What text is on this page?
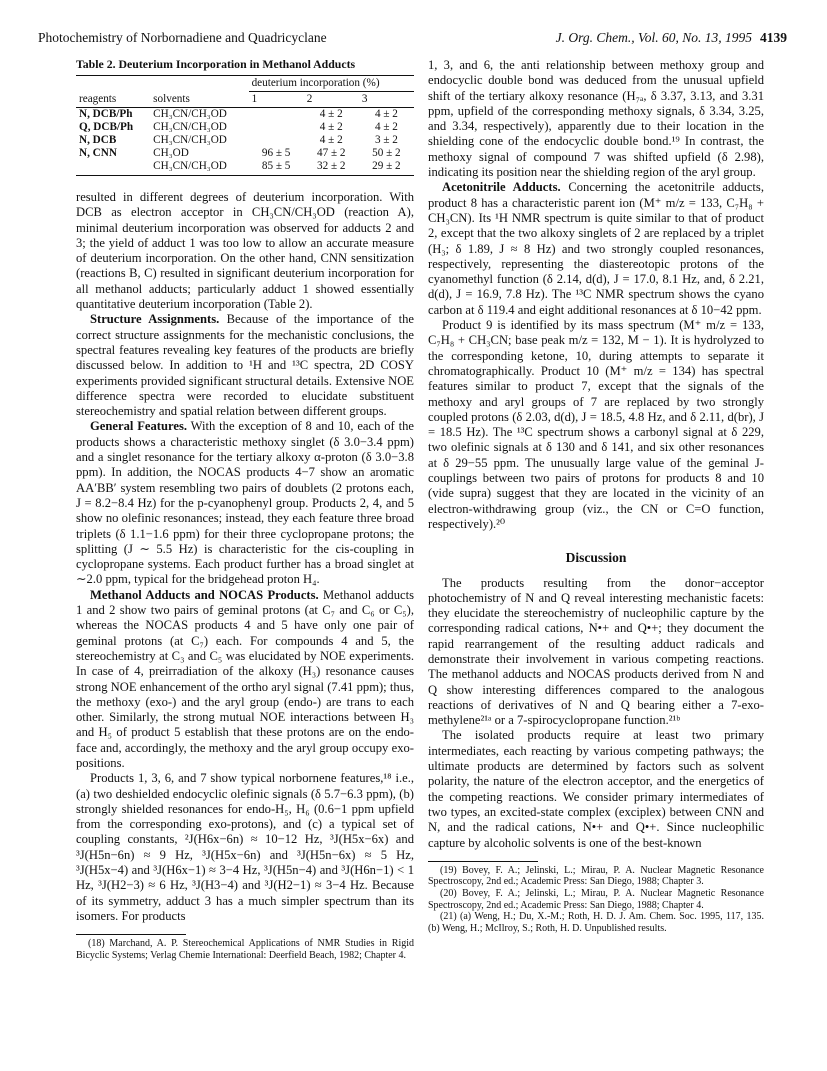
Photochemistry of Norbornadiene and Quadricyclane	J. Org. Chem., Vol. 60, No. 13, 1995 4139
Table 2. Deuterium Incorporation in Methanol Adducts
		deuterium incorporation (%)		
reagents	solvents	1	2	3
N, DCB/Ph	CH₃CN/CH₃OD		4 ± 2	4 ± 2
Q, DCB/Ph	CH₃CN/CH₃OD		4 ± 2	4 ± 2
N, DCB	CH₃CN/CH₃OD		4 ± 2	3 ± 2
N, CNN	CH₃OD	96 ± 5	47 ± 2	50 ± 2
	CH₃CN/CH₃OD	85 ± 5	32 ± 2	29 ± 2

resulted in different degrees of deuterium incorporation. With DCB as electron acceptor in CH₃CN/CH₃OD (reaction A), minimal deuterium incorporation was observed for adducts 2 and 3; the yield of adduct 1 was too low to allow an accurate measure of deuterium incorporation. On the other hand, CNN sensitization (reactions B, C) resulted in significant deuterium incorporation for all methanol adducts; particularly adduct 1 showed essentially quantitative deuterium incorporation (Table 2).

Structure Assignments. Because of the importance of the correct structure assignments for the mechanistic conclusions, the spectral features revealing key features of the products are briefly discussed below. In addition to ¹H and ¹³C spectra, 2D COSY experiments provided significant structural details. Extensive NOE difference spectra were recorded to elucidate substituent stereochemistry and spatial relation between different groups.

General Features. With the exception of 8 and 10, each of the products shows a characteristic methoxy singlet (δ 3.0−3.4 ppm) and a singlet resonance for the tertiary alkoxy α-proton (δ 3.0−3.8 ppm). In addition, the NOCAS products 4−7 show an aromatic AA′BB′ system resembling two pairs of doublets (2 protons each, J = 8.2−8.4 Hz) for the p-cyanophenyl group. Products 2, 4, and 5 show no olefinic resonances; instead, they each feature three broad triplets (δ 1.1−1.6 ppm) for their three cyclopropane protons; the splitting (J ∼ 5.5 Hz) is characteristic for the cis-coupling in cyclopropane systems. Each product further has a broad singlet at ∼2.0 ppm, typical for the bridgehead proton H₄.

Methanol Adducts and NOCAS Products. Methanol adducts 1 and 2 show two pairs of geminal protons (at C₇ and C₆ or C₅), whereas the NOCAS products 4 and 5 have only one pair of geminal protons (at C₇) each. For compounds 4 and 5, the stereochemistry at C₃ and C₅ was elucidated by NOE experiments. In case of 4, preirradiation of the alkoxy (H₃) resonance causes strong NOE enhancement of the ortho aryl signal (7.41 ppm); thus, the methoxy (exo-) and the aryl group (endo-) are trans to each other. Similarly, the strong mutual NOE interactions between H₃ and H₅ of product 5 establish that these protons are on the endo-face and, accordingly, the methoxy and the aryl group occupy exo-positions.

Products 1, 3, 6, and 7 show typical norbornene features,¹⁸ i.e., (a) two deshielded endocyclic olefinic signals (δ 5.7−6.3 ppm), (b) strongly shielded resonances for endo-H₅, H₆ (0.6−1 ppm upfield from the corresponding exo-protons), and (c) a typical set of coupling constants, ²J(H6x−6n) ≈ 10−12 Hz, ³J(H5x−6x) and ³J(H5n−6n) ≈ 9 Hz, ³J(H5x−6n) and ³J(H5n−6x) ≈ 5 Hz, ³J(H5x−4) and ³J(H6x−1) ≈ 3−4 Hz, ³J(H5n−4) and ³J(H6n−1) < 1 Hz, ³J(H2−3) ≈ 6 Hz, ³J(H3−4) and ³J(H2−1) ≈ 3−4 Hz. Because of its symmetry, adduct 3 has a much simpler spectrum than its isomers. For products

(18) Marchand, A. P. Stereochemical Applications of NMR Studies in Rigid Bicyclic Systems; Verlag Chemie International: Deerfield Beach, 1982; Chapter 4.

1, 3, and 6, the anti relationship between methoxy group and endocyclic double bond was deduced from the unusual upfield shift of the tertiary alkoxy resonance (H₇ₐ, δ 3.37, 3.13, and 3.31 ppm, upfield of the corresponding methoxy signals, δ 3.34, 3.25, and 3.34, respectively), apparently due to their location in the shielding cone of the endocyclic double bond.¹⁹ In contrast, the methoxy signal of compound 7 was shifted upfield (δ 2.98), indicating its position near the shielding region of the aryl group.

Acetonitrile Adducts. Concerning the acetonitrile adducts, product 8 has a characteristic parent ion (M⁺ m/z = 133, C₇H₈ + CH₃CN). Its ¹H NMR spectrum is quite similar to that of product 2, except that the two alkoxy singlets of 2 are replaced by a triplet (H₃; δ 1.89, J ≈ 8 Hz) and two strongly coupled resonances, respectively, representing the diastereotopic protons of the cyanomethyl function (δ 2.14, d(d), J = 17.0, 8.1 Hz, and, δ 2.21, d(d), J = 16.9, 7.8 Hz). The ¹³C NMR spectrum shows the cyano carbon at δ 119.4 and eight additional resonances at δ 10−42 ppm.

Product 9 is identified by its mass spectrum (M⁺ m/z = 133, C₇H₈ + CH₃CN; base peak m/z = 132, M − 1). It is hydrolyzed to the corresponding ketone, 10, during attempts to separate it chromatographically. Product 10 (M⁺ m/z = 134) has spectral features similar to product 7, except that the signals of the methoxy and aryl groups of 7 are replaced by two strongly coupled protons (δ 2.03, d(d), J = 18.5, 4.8 Hz, and δ 2.11, d(br), J = 18.5 Hz). The ¹³C spectrum shows a carbonyl signal at δ 229, two olefinic signals at δ 130 and δ 141, and six other resonances at δ 29−55 ppm. The unusually large value of the geminal J-couplings between two pairs of protons for products 8 and 10 (vide supra) suggest that they are located in the vicinity of an electron-withdrawing group (viz., the CN or C=O function, respectively).²⁰

Discussion

The products resulting from the donor−acceptor photochemistry of N and Q reveal interesting mechanistic facets: they elucidate the stereochemistry of nucleophilic capture by the corresponding radical cations, N•+ and Q•+; they document the rapid rearrangement of the resulting adduct radicals and demonstrate their involvement in various competing reactions. The methanol adducts and NOCAS products derived from N and Q show interesting differences compared to the analogous reactions of derivatives of N and Q bearing either a 7-exo-methylene²¹ᵃ or a 7-spirocyclopropane function.²¹ᵇ

The isolated products require at least two primary intermediates, each reacting by various competing pathways; the ultimate products are determined by factors such as solvent polarity, the nature of the electron acceptor, and the energetics of the competing reactions. We consider primary intermediates of two types, an excited-state complex (exciplex) between CNN and N, and the radical cations, N•+ and Q•+. Since nucleophilic capture by alcoholic solvents is one of the best-known

(19) Bovey, F. A.; Jelinski, L.; Mirau, P. A. Nuclear Magnetic Resonance Spectroscopy, 2nd ed.; Academic Press: San Diego, 1988; Chapter 3.
(20) Bovey, F. A.; Jelinski, L.; Mirau, P. A. Nuclear Magnetic Resonance Spectroscopy, 2nd ed.; Academic Press: San Diego, 1988; Chapter 4.
(21) (a) Weng, H.; Du, X.-M.; Roth, H. D. J. Am. Chem. Soc. 1995, 117, 135. (b) Weng, H.; McIlroy, S.; Roth, H. D. Unpublished results.
